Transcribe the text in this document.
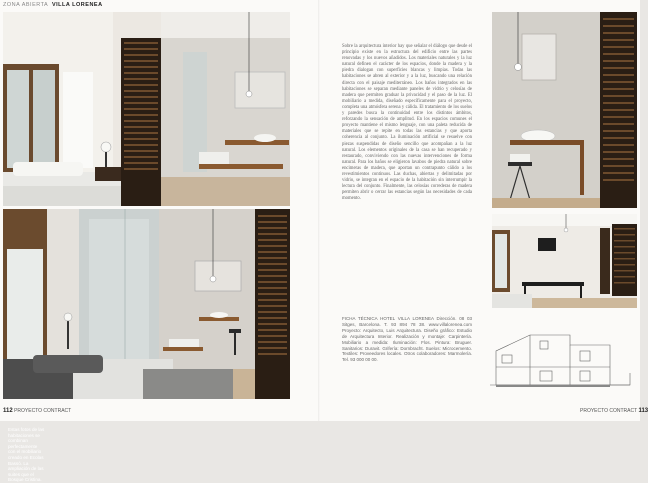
ZONA ABIERTA VILLA LORENEA
Estas fotos de las habitaciones se combinan perfectamente con el mobiliario creado en Ecolas Bassó. La ampliación de las suites que el Bosque Cristina.
112 PROYECTO CONTRACT
Sobre la arquitectura interior hay que señalar el diálogo que desde el principio existe en la estructura del edificio entre las partes renovadas y los nuevos añadidos. Los materiales naturales y la luz natural definen el carácter de los espacios, donde la madera y la piedra dialogan con superficies blancas y limpias. Todas las habitaciones se abren al exterior y a la luz, buscando una relación directa con el paisaje mediterráneo. Los baños integrados en las habitaciones se separan mediante paneles de vidrio y celosías de madera que permiten graduar la privacidad y el paso de la luz. El mobiliario a medida, diseñado específicamente para el proyecto, completa una atmósfera serena y cálida. El tratamiento de los suelos y paredes busca la continuidad entre los distintos ámbitos, reforzando la sensación de amplitud. En los espacios comunes el proyecto mantiene el mismo lenguaje, con una paleta reducida de materiales que se repite en todas las estancias y que aporta coherencia al conjunto. La iluminación artificial se resuelve con piezas suspendidas de diseño sencillo que acompañan a la luz natural. Los elementos originales de la casa se han recuperado y restaurado, conviviendo con las nuevas intervenciones de forma natural. Para los baños se eligieron lavabos de piedra natural sobre encimeras de madera, que aportan un contrapunto cálido a los revestimientos continuos. Las duchas, abiertas y delimitadas por vidrio, se integran en el espacio de la habitación sin interrumpir la lectura del conjunto. Finalmente, las celosías correderas de madera permiten abrir o cerrar las estancias según las necesidades de cada momento.
FICHA TÉCNICA HOTEL VILLA LORENEA Dirección. 08 03 Sitges, Barcelona. T. 93 894 78 38. www.villalorenea.com Proyecto: Arquitecto, Luis Arquitectura. Diseño gráfico: Estudio de Arquitectura Interior. Realización y montaje: Carpintería. Mobiliario a medida: Iluminación: Flos. Pintura: Bruguer. Sanitarios: Duravit. Grifería: Dornbracht. Suelos: Microcemento. Textiles: Proveedores locales. Otros colaboradores: Marmolería. Tel. 93 000 00 00.
PROYECTO CONTRACT 113
